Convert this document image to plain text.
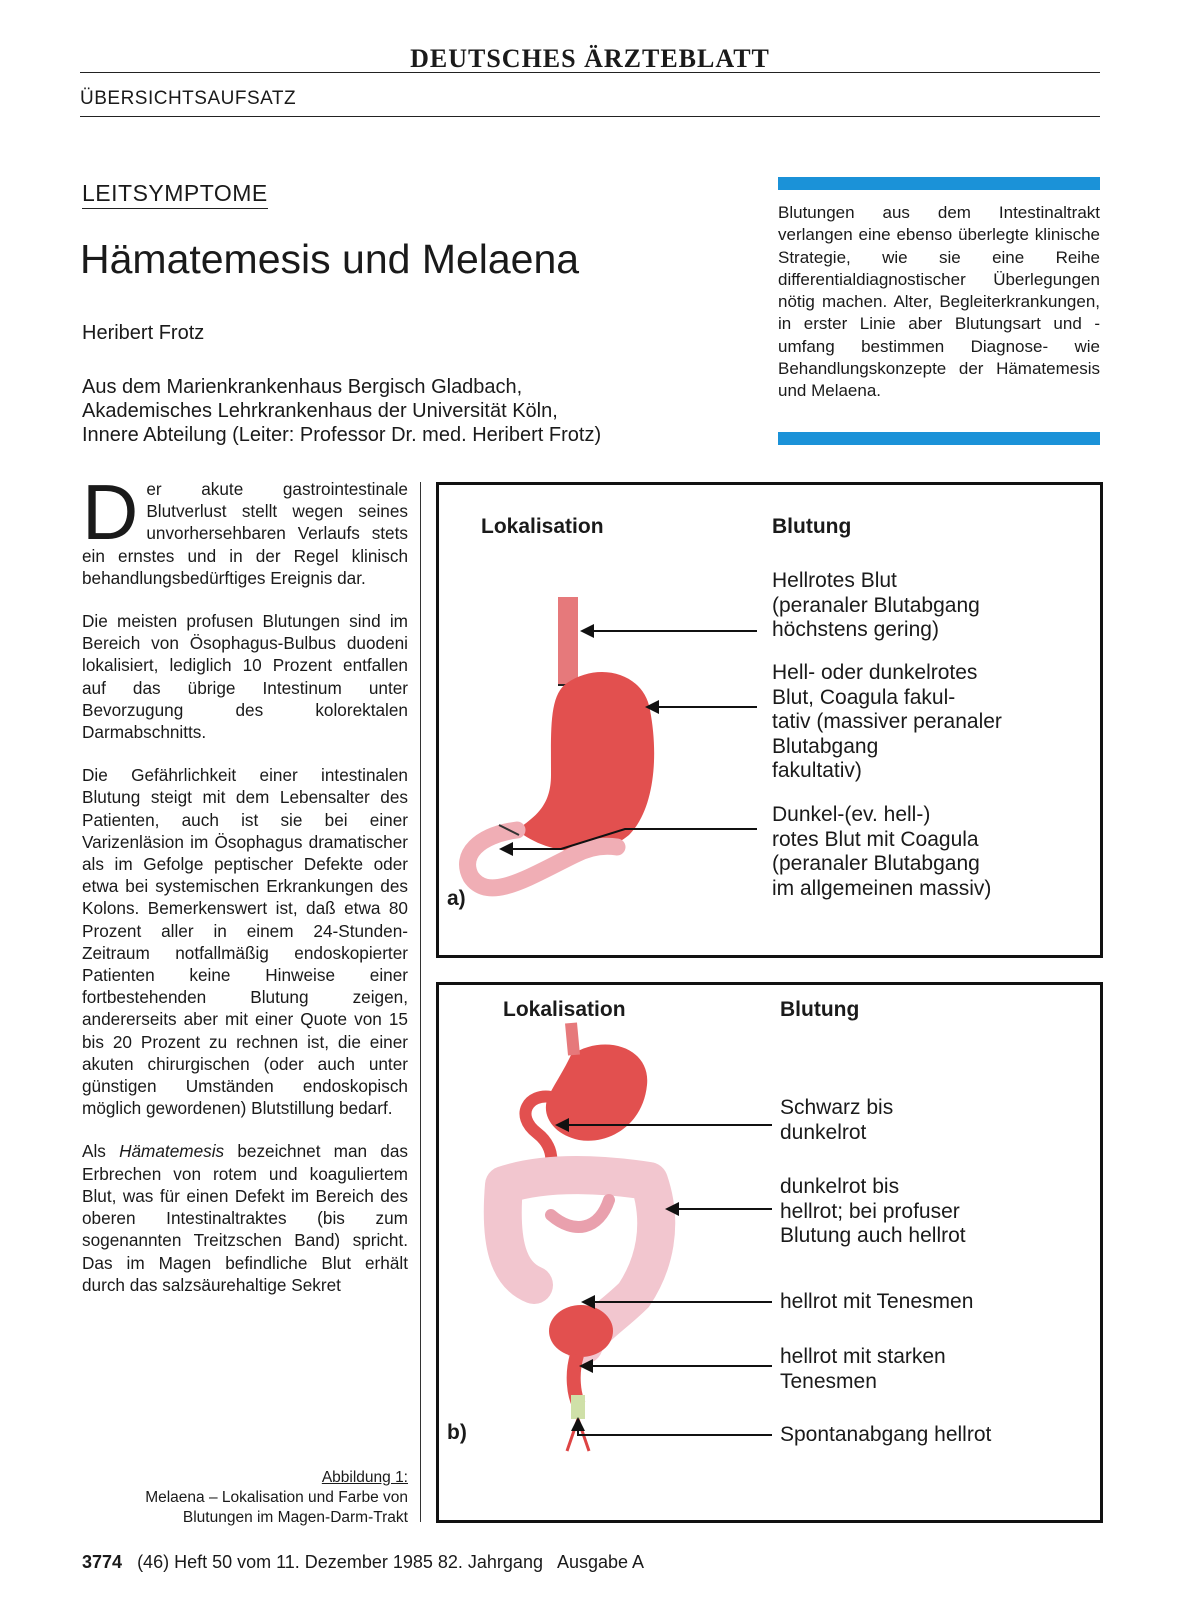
DEUTSCHES ÄRZTEBLATT
ÜBERSICHTSAUFSATZ
LEITSYMPTOME
Hämatemesis und Melaena
Heribert Frotz
Aus dem Marienkrankenhaus Bergisch Gladbach,
Akademisches Lehrkrankenhaus der Universität Köln,
Innere Abteilung (Leiter: Professor Dr. med. Heribert Frotz)
Blutungen aus dem Intestinaltrakt verlangen eine ebenso überlegte klinische Strategie, wie sie eine Reihe differentialdiagnostischer Überlegungen nötig machen. Alter, Begleiterkrankungen, in erster Linie aber Blutungsart und -umfang bestimmen Diagnose- wie Behandlungskonzepte der Hämatemesis und Melaena.

Der akute gastrointestinale Blutverlust stellt wegen seines unvorhersehbaren Verlaufs stets ein ernstes und in der Regel klinisch behandlungsbedürftiges Ereignis dar.

Die meisten profusen Blutungen sind im Bereich von Ösophagus-Bulbus duodeni lokalisiert, lediglich 10 Prozent entfallen auf das übrige Intestinum unter Bevorzugung des kolorektalen Darmabschnitts.

Die Gefährlichkeit einer intestinalen Blutung steigt mit dem Lebensalter des Patienten, auch ist sie bei einer Varizenläsion im Ösophagus dramatischer als im Gefolge peptischer Defekte oder etwa bei systemischen Erkrankungen des Kolons. Bemerkenswert ist, daß etwa 80 Prozent aller in einem 24-Stunden-Zeitraum notfallmäßig endoskopierter Patienten keine Hinweise einer fortbestehenden Blutung zeigen, andererseits aber mit einer Quote von 15 bis 20 Prozent zu rechnen ist, die einer akuten chirurgischen (oder auch unter günstigen Umständen endoskopisch möglich gewordenen) Blutstillung bedarf.

Als Hämatemesis bezeichnet man das Erbrechen von rotem und koaguliertem Blut, was für einen Defekt im Bereich des oberen Intestinaltraktes (bis zum sogenannten Treitzschen Band) spricht. Das im Magen befindliche Blut erhält durch das salzsäurehaltige Sekret

Abbildung 1:
Melaena – Lokalisation und Farbe von Blutungen im Magen-Darm-Trakt
Lokalisation	Blutung
Hellrotes Blut
(peranaler Blutabgang
höchstens gering)
Hell- oder dunkelrotes
Blut, Coagula fakul-
tativ (massiver peranaler
Blutabgang
fakultativ)
Dunkel-(ev. hell-)
rotes Blut mit Coagula
(peranaler Blutabgang
im allgemeinen massiv)
a)
Lokalisation	Blutung
Schwarz bis
dunkelrot
dunkelrot bis
hellrot; bei profuser
Blutung auch hellrot
hellrot mit Tenesmen
hellrot mit starken
Tenesmen
Spontanabgang hellrot
b)
3774 (46) Heft 50 vom 11. Dezember 1985 82. Jahrgang   Ausgabe A
